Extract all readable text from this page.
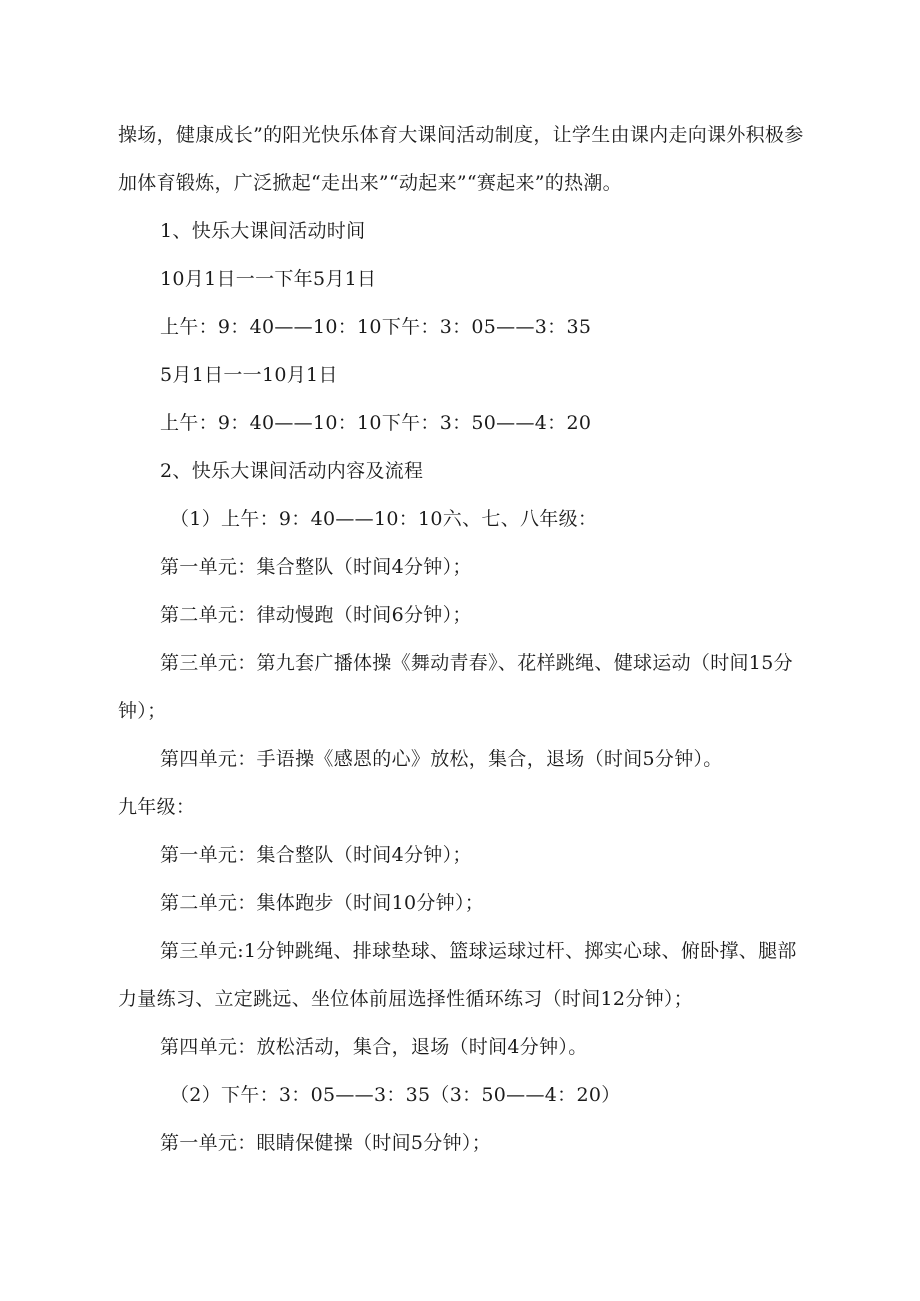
操场，健康成长”的阳光快乐体育大课间活动制度，让学生由课内走向课外积极参
加体育锻炼，广泛掀起“走出来”“动起来”“赛起来”的热潮。
1、快乐大课间活动时间
10月1日一一下年5月1日
上午：9：40——10：10下午：3：05——3：35
5月1日一一10月1日
上午：9：40——10：10下午：3：50——4：20
2、快乐大课间活动内容及流程
（1）上午：9：40——10：10六、七、八年级：
第一单元：集合整队（时间4分钟）；
第二单元：律动慢跑（时间6分钟）；
第三单元：第九套广播体操《舞动青春》、花样跳绳、健球运动（时间15分
钟）；
第四单元：手语操《感恩的心》放松，集合，退场（时间5分钟）。
九年级：
第一单元：集合整队（时间4分钟）；
第二单元：集体跑步（时间10分钟）；
第三单元:1分钟跳绳、排球垫球、篮球运球过杆、掷实心球、俯卧撑、腿部
力量练习、立定跳远、坐位体前屈选择性循环练习（时间12分钟）；
第四单元：放松活动，集合，退场（时间4分钟）。
（2）下午：3：05——3：35（3：50——4：20）
第一单元：眼睛保健操（时间5分钟）；
